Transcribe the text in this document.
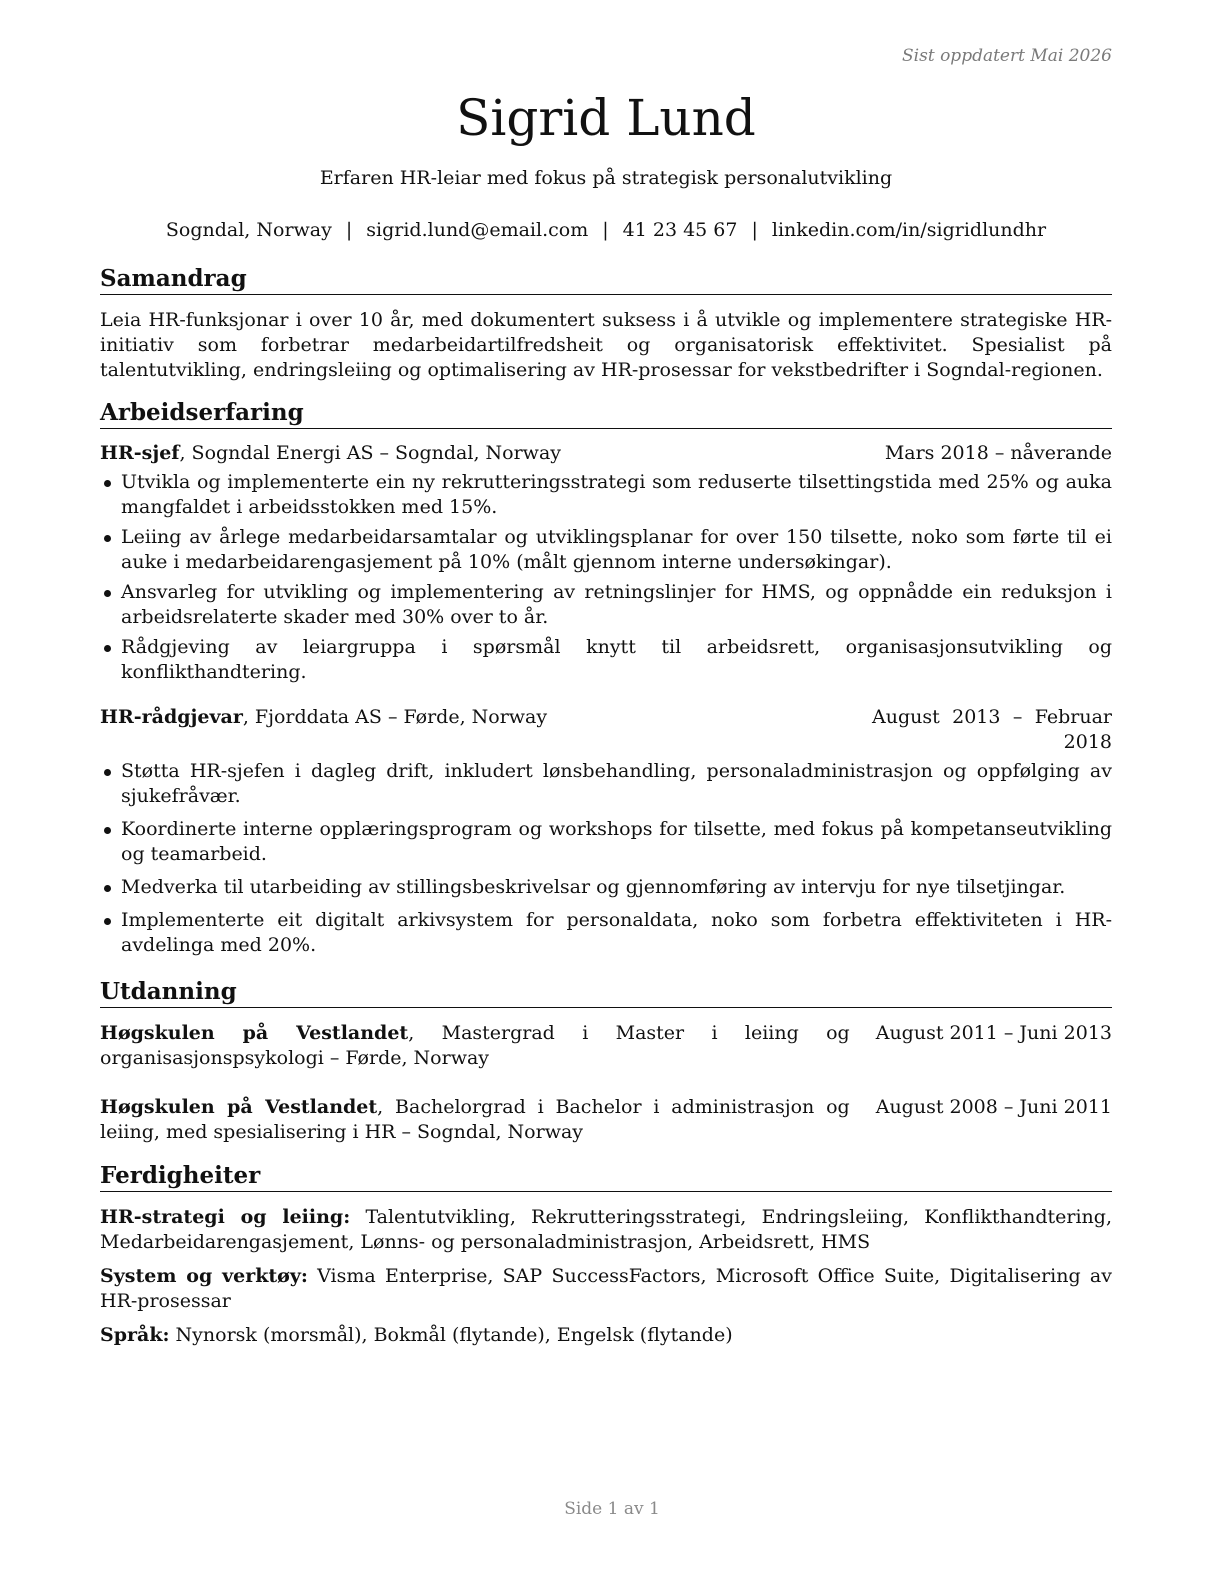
Sist oppdatert Mai 2026
Sigrid Lund
Erfaren HR-leiar med fokus på strategisk personalutvikling
Sogndal, Norway | sigrid.lund@email.com | 41 23 45 67 | linkedin.com/in/sigridlundhr
Samandrag
Leia HR-funksjonar i over 10 år, med dokumentert suksess i å utvikle og implementere strategiske HR-initiativ som forbetrar medarbeidartilfredsheit og organisatorisk effektivitet. Spesialist på talentutvikling, endringsleiing og optimalisering av HR-prosessar for vekstbedrifter i Sogndal-regionen.
Arbeidserfaring
HR-sjef, Sogndal Energi AS – Sogndal, Norway	Mars 2018 – nåverande
Utvikla og implementerte ein ny rekrutteringsstrategi som reduserte tilsettingstida med 25% og auka mangfaldet i arbeidsstokken med 15%.
Leiing av årlege medarbeidarsamtalar og utviklingsplanar for over 150 tilsette, noko som førte til ei auke i medarbeidarengasjement på 10% (målt gjennom interne undersøkingar).
Ansvarleg for utvikling og implementering av retningslinjer for HMS, og oppnådde ein reduksjon i arbeidsrelaterte skader med 30% over to år.
Rådgjeving av leiargruppa i spørsmål knytt til arbeidsrett, organisasjonsutvikling og konflikthandtering.
HR-rådgjevar, Fjorddata AS – Førde, Norway	August 2013 – Februar 2018
Støtta HR-sjefen i dagleg drift, inkludert lønsbehandling, personaladministrasjon og oppfølging av sjukefråvær.
Koordinerte interne opplæringsprogram og workshops for tilsette, med fokus på kompetanseutvikling og teamarbeid.
Medverka til utarbeiding av stillingsbeskrivelsar og gjennomføring av intervju for nye tilsetjingar.
Implementerte eit digitalt arkivsystem for personaldata, noko som forbetra effektiviteten i HR-avdelinga med 20%.
Utdanning
Høgskulen på Vestlandet, Mastergrad i Master i leiing og organisasjonspsykologi – Førde, Norway
August 2011 – Juni 2013
Høgskulen på Vestlandet, Bachelorgrad i Bachelor i administrasjon og leiing, med spesialisering i HR – Sogndal, Norway
August 2008 – Juni 2011
Ferdigheiter
HR-strategi og leiing: Talentutvikling, Rekrutteringsstrategi, Endringsleiing, Konflikthandtering, Medarbeidarengasjement, Lønns- og personaladministrasjon, Arbeidsrett, HMS
System og verktøy: Visma Enterprise, SAP SuccessFactors, Microsoft Office Suite, Digitalisering av HR-prosessar
Språk: Nynorsk (morsmål), Bokmål (flytande), Engelsk (flytande)
Side 1 av 1
